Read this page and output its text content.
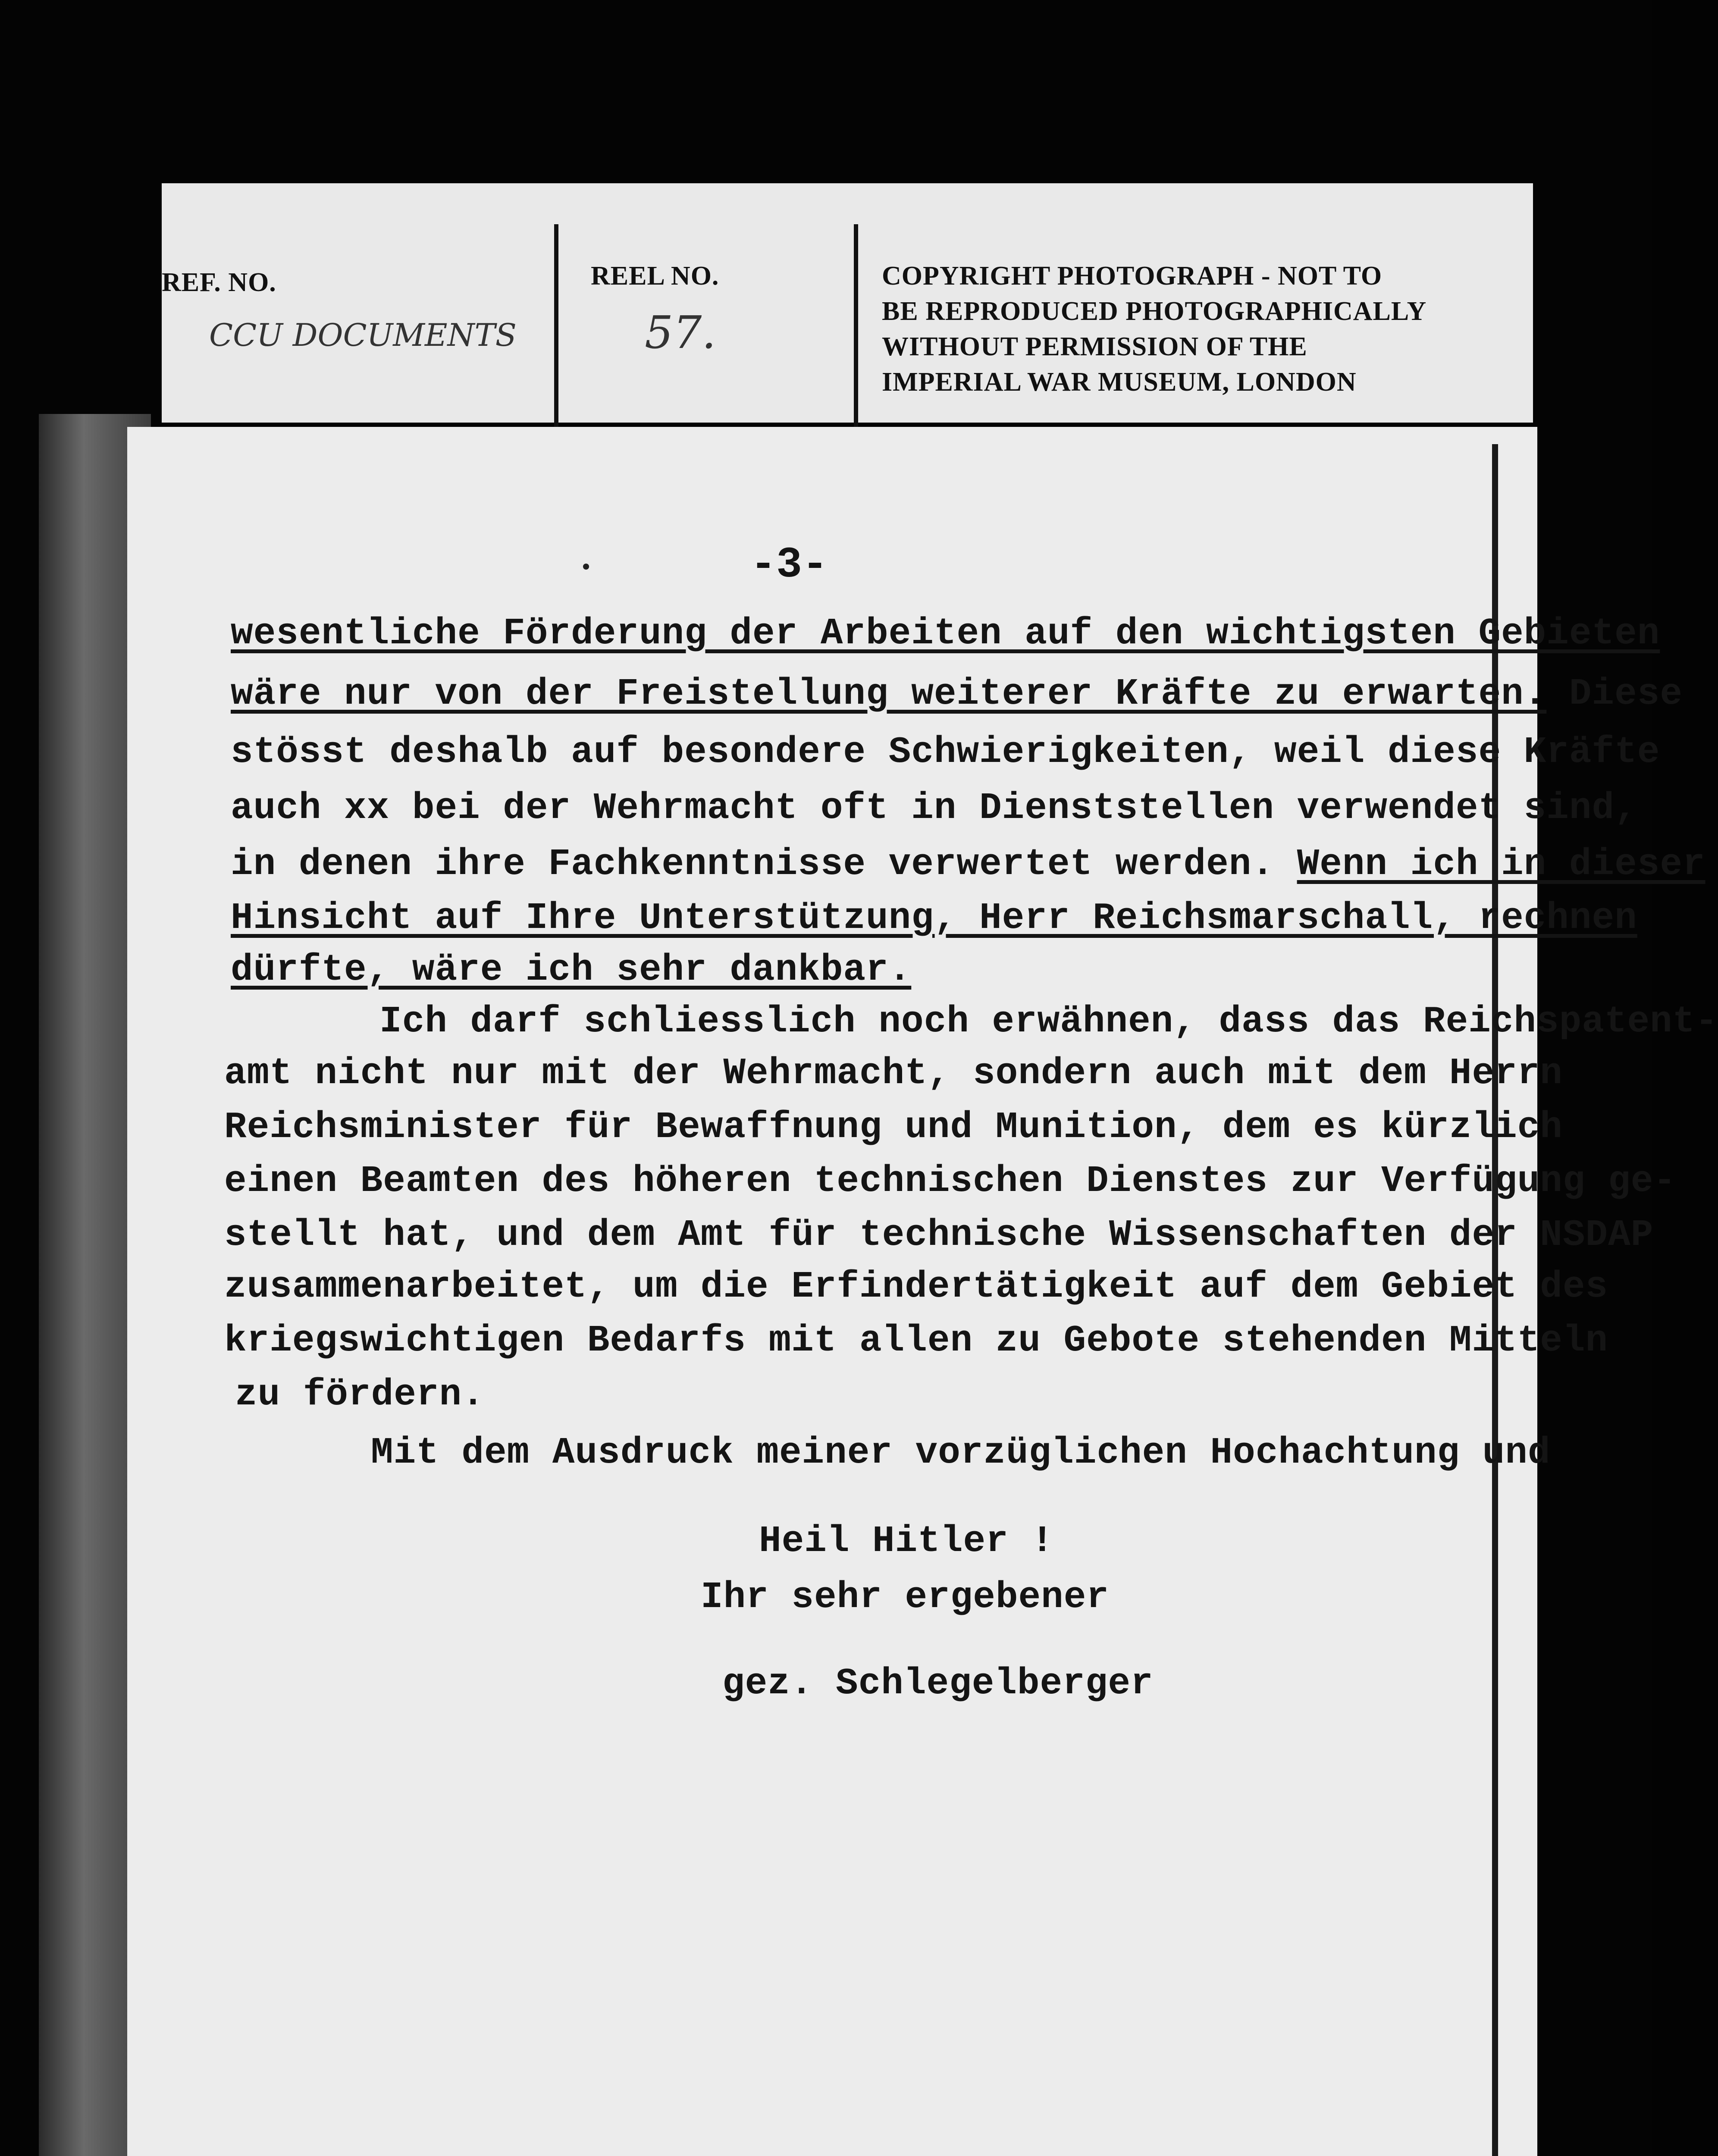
REF. NO.
CCU DOCUMENTS
REEL NO.
57.
COPYRIGHT PHOTOGRAPH - NOT TO
BE REPRODUCED PHOTOGRAPHICALLY
WITHOUT PERMISSION OF THE
IMPERIAL WAR MUSEUM, LONDON
-3-
wesentliche Förderung der Arbeiten auf den wichtigsten Gebieten
wäre nur von der Freistellung weiterer Kräfte zu erwarten. Diese
stösst deshalb auf besondere Schwierigkeiten, weil diese Kräfte
auch xx bei der Wehrmacht oft in Dienststellen verwendet sind,
in denen ihre Fachkenntnisse verwertet werden. Wenn ich in dieser
Hinsicht auf Ihre Unterstützung, Herr Reichsmarschall, rechnen
dürfte, wäre ich sehr dankbar.
Ich darf schliesslich noch erwähnen, dass das Reichspatent-
amt nicht nur mit der Wehrmacht, sondern auch mit dem Herrn
Reichsminister für Bewaffnung und Munition, dem es kürzlich
einen Beamten des höheren technischen Dienstes zur Verfügung ge-
stellt hat, und dem Amt für technische Wissenschaften der NSDAP
zusammenarbeitet, um die Erfindertätigkeit auf dem Gebiet des
kriegswichtigen Bedarfs mit allen zu Gebote stehenden Mitteln
zu fördern.
Mit dem Ausdruck meiner vorzüglichen Hochachtung und
Heil Hitler !
Ihr sehr ergebener
gez. Schlegelberger
